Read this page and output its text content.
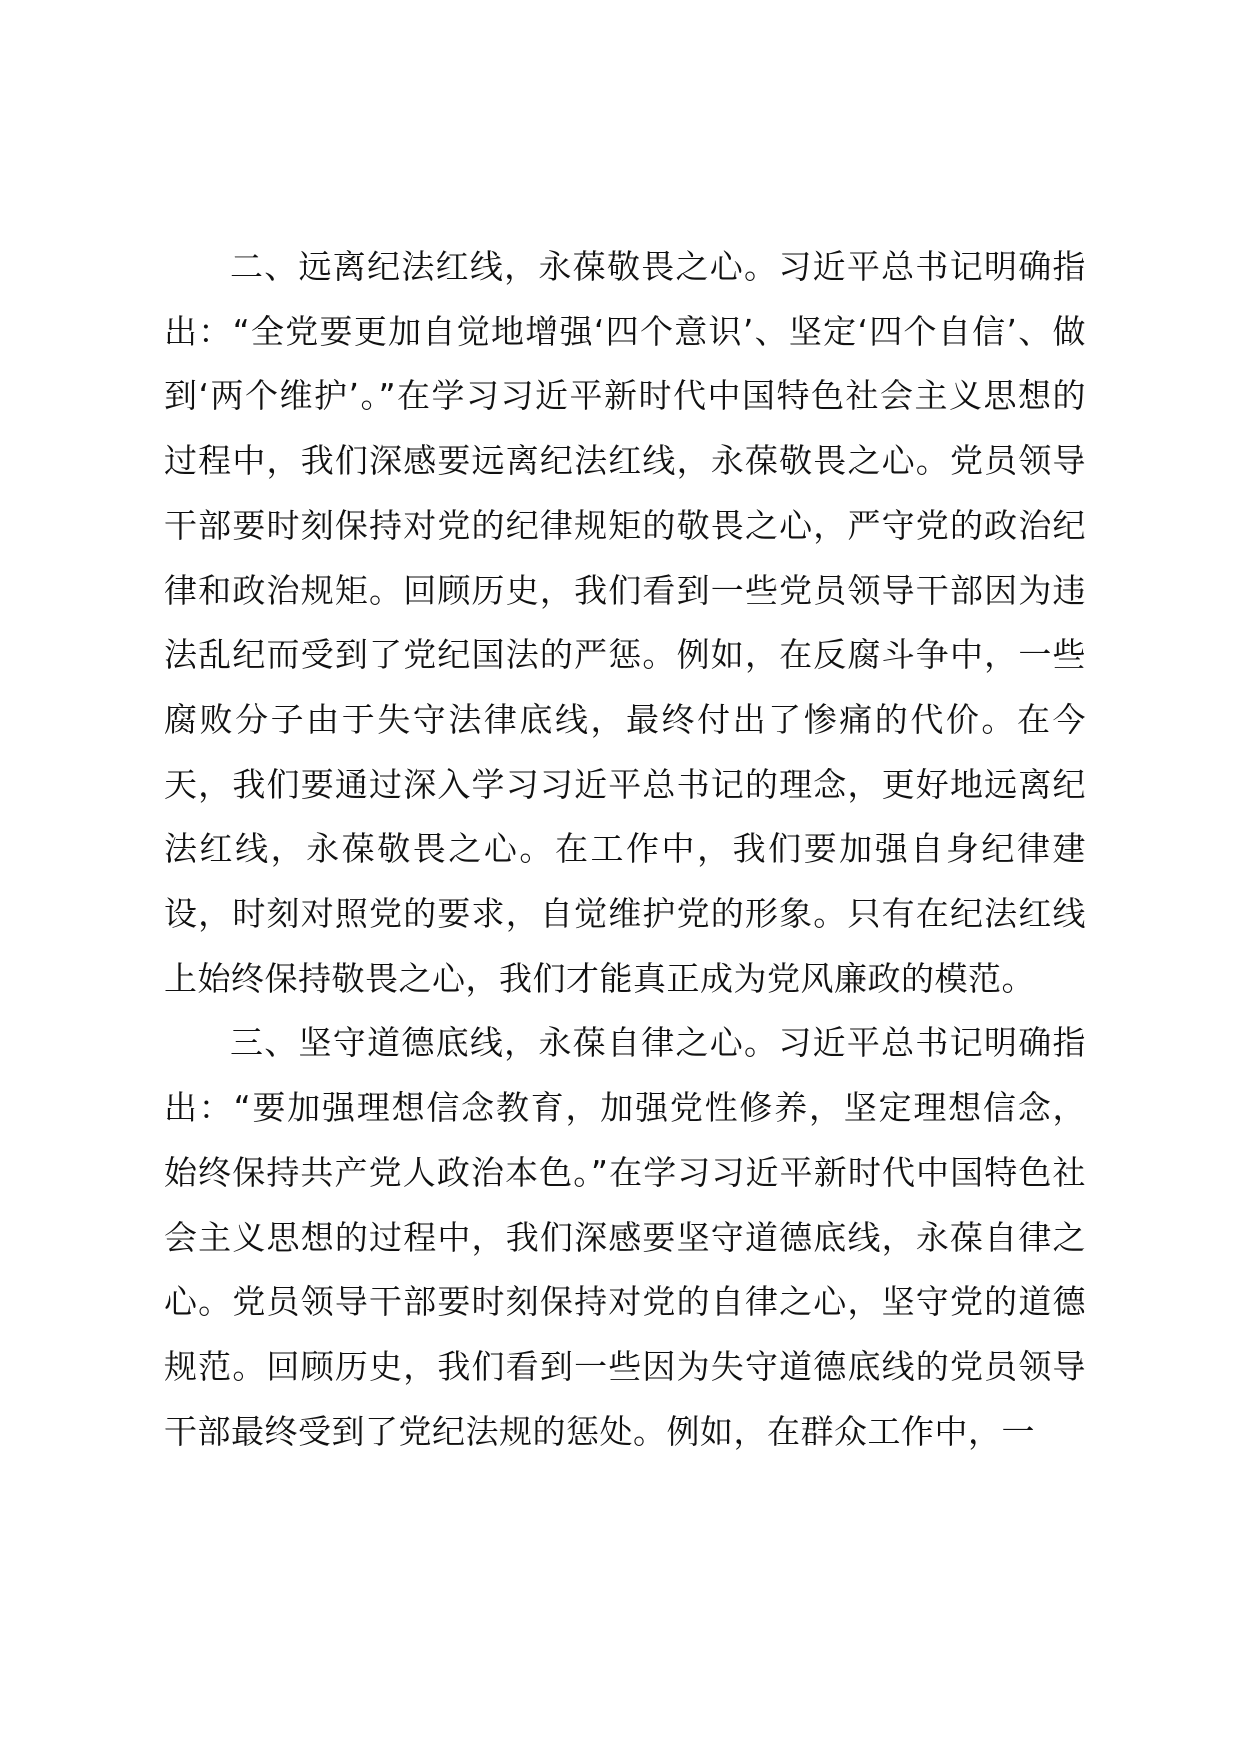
二、远离纪法红线，永葆敬畏之心。习近平总书记明确指出：“全党要更加自觉地增强‘四个意识’、坚定‘四个自信’、做到‘两个维护’。”在学习习近平新时代中国特色社会主义思想的过程中，我们深感要远离纪法红线，永葆敬畏之心。党员领导干部要时刻保持对党的纪律规矩的敬畏之心，严守党的政治纪律和政治规矩。回顾历史，我们看到一些党员领导干部因为违法乱纪而受到了党纪国法的严惩。例如，在反腐斗争中，一些腐败分子由于失守法律底线，最终付出了惨痛的代价。在今天，我们要通过深入学习习近平总书记的理念，更好地远离纪法红线，永葆敬畏之心。在工作中，我们要加强自身纪律建设，时刻对照党的要求，自觉维护党的形象。只有在纪法红线上始终保持敬畏之心，我们才能真正成为党风廉政的模范。

三、坚守道德底线，永葆自律之心。习近平总书记明确指出：“要加强理想信念教育，加强党性修养，坚定理想信念，始终保持共产党人政治本色。”在学习习近平新时代中国特色社会主义思想的过程中，我们深感要坚守道德底线，永葆自律之心。党员领导干部要时刻保持对党的自律之心，坚守党的道德规范。回顾历史，我们看到一些因为失守道德底线的党员领导干部最终受到了党纪法规的惩处。例如，在群众工作中，一
